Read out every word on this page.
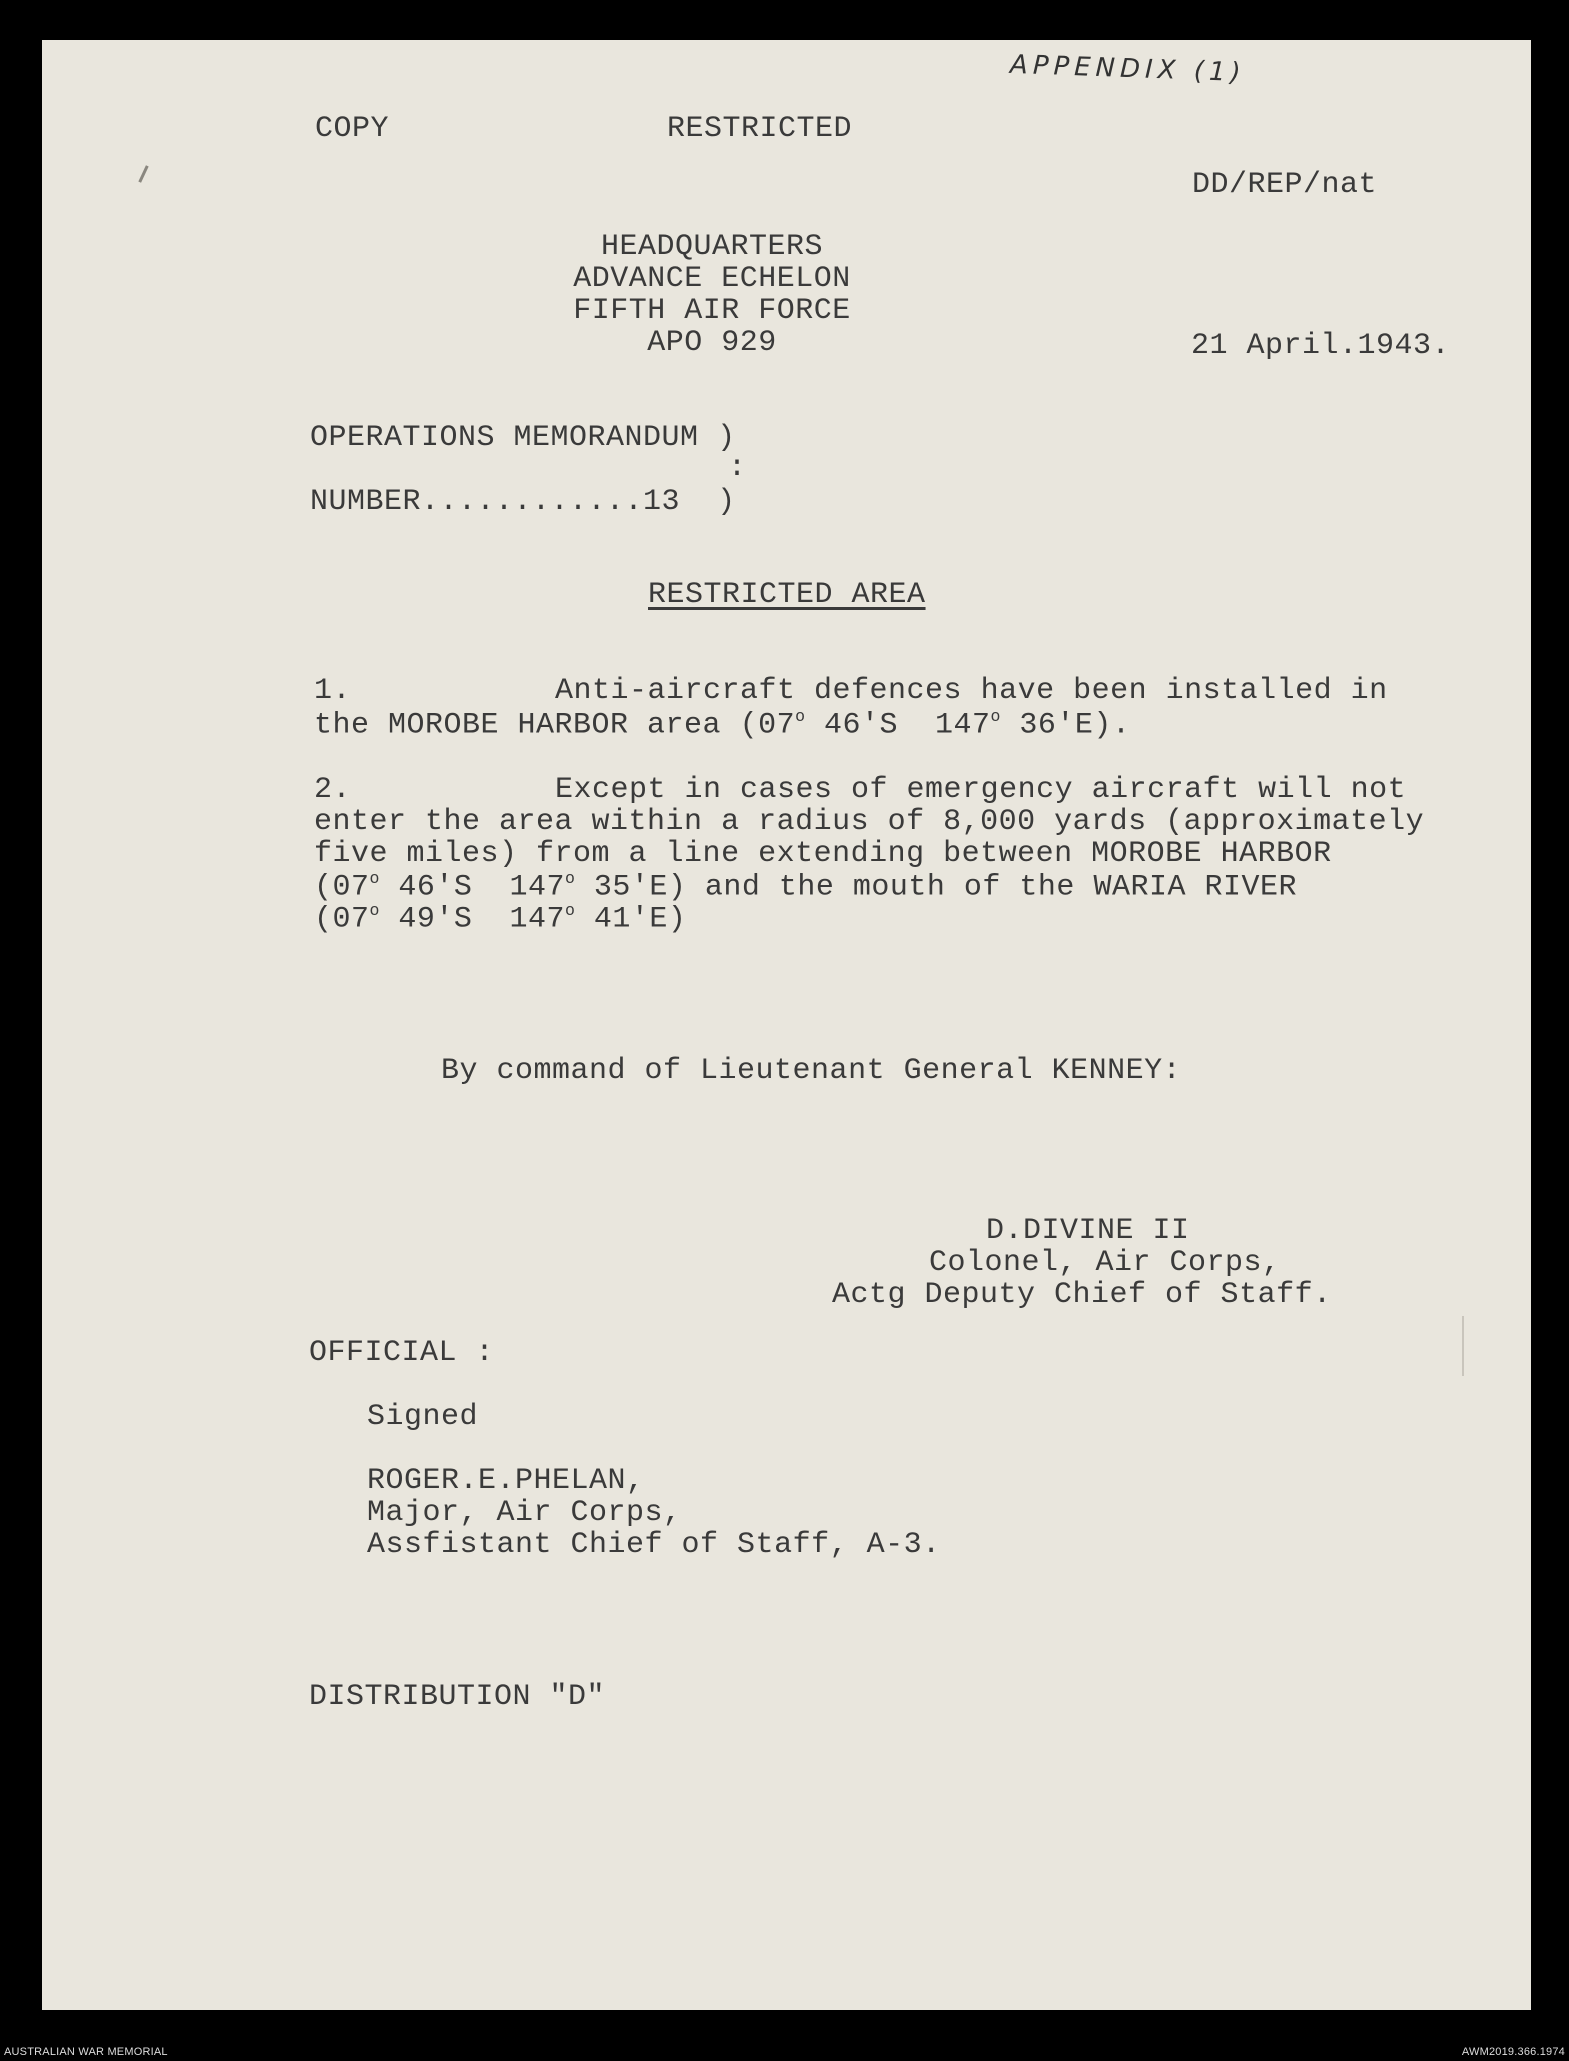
APPENDIX (1)
COPY	RESTRICTED
DD/REP/nat
HEADQUARTERS
ADVANCE ECHELON
FIFTH AIR FORCE
APO 929	21 April.1943.
OPERATIONS MEMORANDUM )
:
NUMBER............13  )
RESTRICTED AREA
1.	Anti-aircraft defences have been installed in
the MOROBE HARBOR area (07$^o$ 46'S  147$^o$ 36'E).
2.	Except in cases of emergency aircraft will not
enter the area within a radius of 8,000 yards (approximately
five miles) from a line extending between MOROBE HARBOR
(07$^o$ 46'S  147$^o$ 35'E) and the mouth of the WARIA RIVER
(07$^o$ 49'S  147$^o$ 41'E)
By command of Lieutenant General KENNEY:
D.DIVINE II
Colonel, Air Corps,
Actg Deputy Chief of Staff.
OFFICIAL :
Signed
ROGER.E.PHELAN,
Major, Air Corps,
Assfistant Chief of Staff, A-3.
DISTRIBUTION "D"
AUSTRALIAN WAR MEMORIAL	AWM2019.366.1974
